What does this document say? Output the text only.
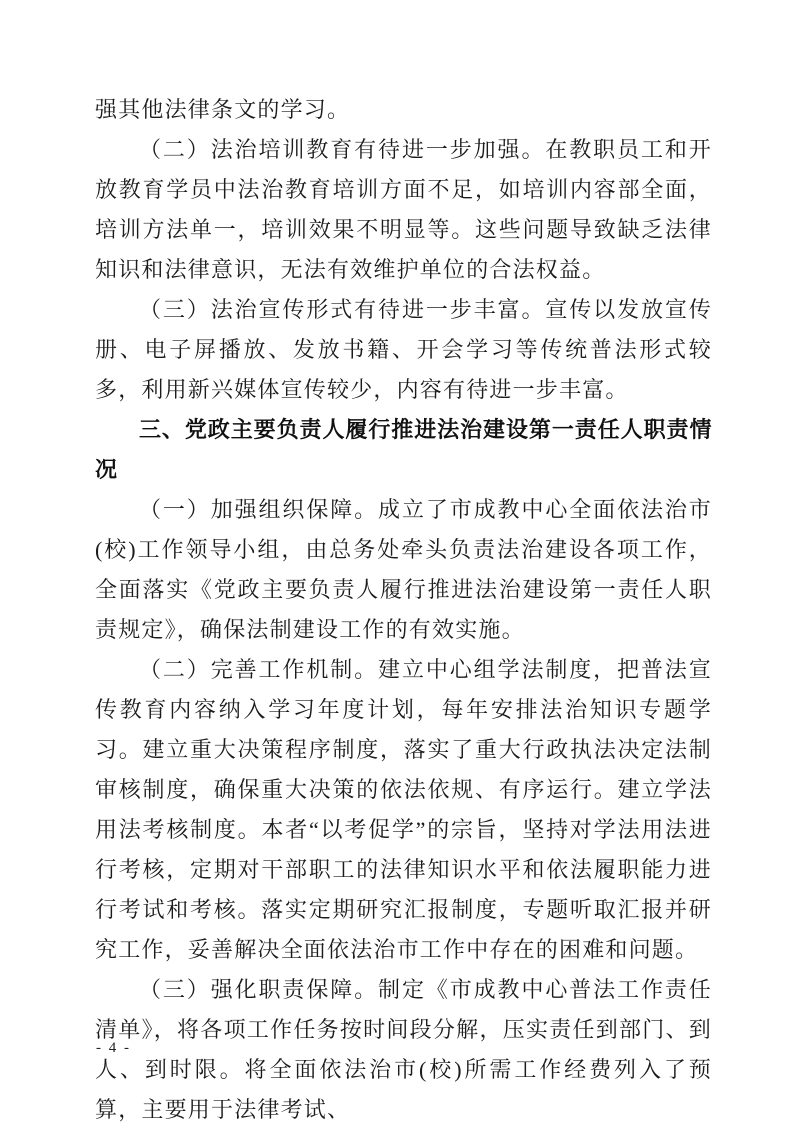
强其他法律条文的学习。

（二）法治培训教育有待进一步加强。在教职员工和开放教育学员中法治教育培训方面不足，如培训内容部全面，培训方法单一，培训效果不明显等。这些问题导致缺乏法律知识和法律意识，无法有效维护单位的合法权益。

（三）法治宣传形式有待进一步丰富。宣传以发放宣传册、电子屏播放、发放书籍、开会学习等传统普法形式较多，利用新兴媒体宣传较少，内容有待进一步丰富。

三、党政主要负责人履行推进法治建设第一责任人职责情况

（一）加强组织保障。成立了市成教中心全面依法治市(校)工作领导小组，由总务处牵头负责法治建设各项工作，全面落实《党政主要负责人履行推进法治建设第一责任人职责规定》，确保法制建设工作的有效实施。

（二）完善工作机制。建立中心组学法制度，把普法宣传教育内容纳入学习年度计划，每年安排法治知识专题学习。建立重大决策程序制度，落实了重大行政执法决定法制审核制度，确保重大决策的依法依规、有序运行。建立学法用法考核制度。本者“以考促学”的宗旨，坚持对学法用法进行考核，定期对干部职工的法律知识水平和依法履职能力进行考试和考核。落实定期研究汇报制度，专题听取汇报并研究工作，妥善解决全面依法治市工作中存在的困难和问题。

（三）强化职责保障。制定《市成教中心普法工作责任清单》，将各项工作任务按时间段分解，压实责任到部门、到人、到时限。将全面依法治市(校)所需工作经费列入了预算，主要用于法律考试、

- 4 -
